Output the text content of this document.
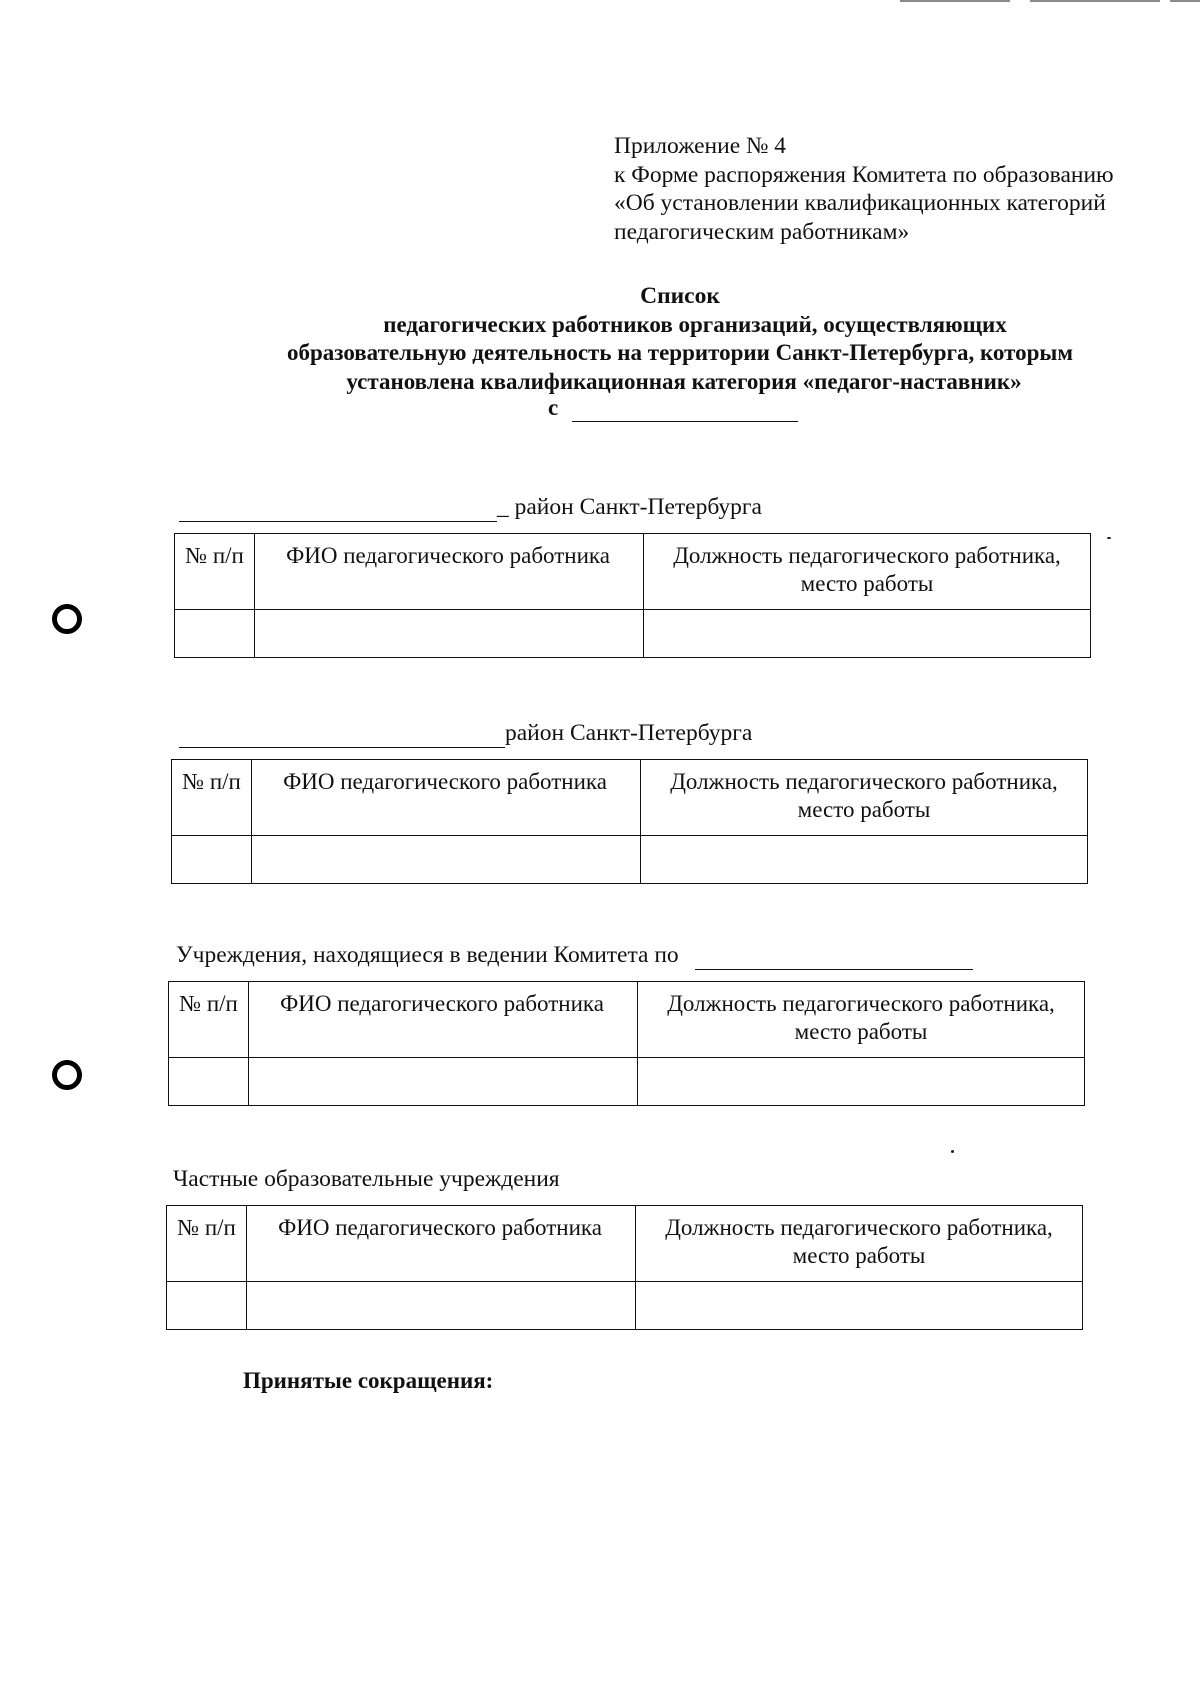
Приложение № 4
к Форме распоряжения Комитета по образованию
«Об установлении квалификационных категорий
педагогическим работникам»
Список
педагогических работников организаций, осуществляющих
образовательную деятельность на территории Санкт-Петербурга, которым
установлена квалификационная категория «педагог-наставник»
с
_ район Санкт-Петербурга
№ п/п	ФИО педагогического работника	Должность педагогического работника,
место работы

район Санкт-Петербурга
№ п/п	ФИО педагогического работника	Должность педагогического работника,
место работы

Учреждения, находящиеся в ведении Комитета по
№ п/п	ФИО педагогического работника	Должность педагогического работника,
место работы

Частные образовательные учреждения
№ п/п	ФИО педагогического работника	Должность педагогического работника,
место работы

Принятые сокращения:
